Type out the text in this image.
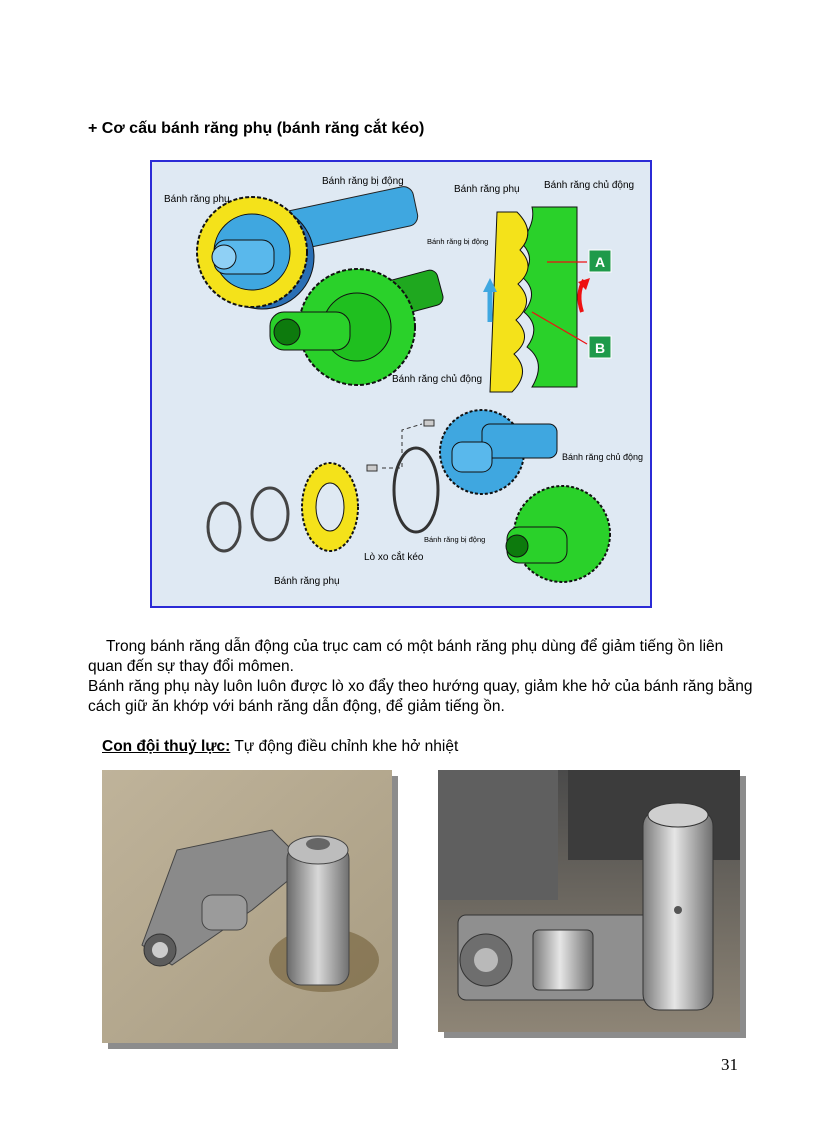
+ Cơ cấu bánh răng phụ (bánh răng cắt kéo)
Bánh răng phụ
Bánh răng bị động
Bánh răng chủ động
Bánh răng phụ Bánh răng chủ động
Bánh răng bị động
A
B
Bánh răng chủ động
Bánh răng bị động
Lò xo cắt kéo
Bánh răng phụ

Trong bánh răng dẫn động của trục cam có một bánh răng phụ dùng để giảm tiếng ồn liên quan đến sự thay đổi mômen.

Bánh răng phụ này luôn luôn được lò xo đẩy theo hướng quay, giảm khe hở của bánh răng bằng cách giữ ăn khớp với bánh răng dẫn động, để giảm tiếng ồn.

Con đội thuỷ lực: Tự động điều chỉnh khe hở nhiệt
31
